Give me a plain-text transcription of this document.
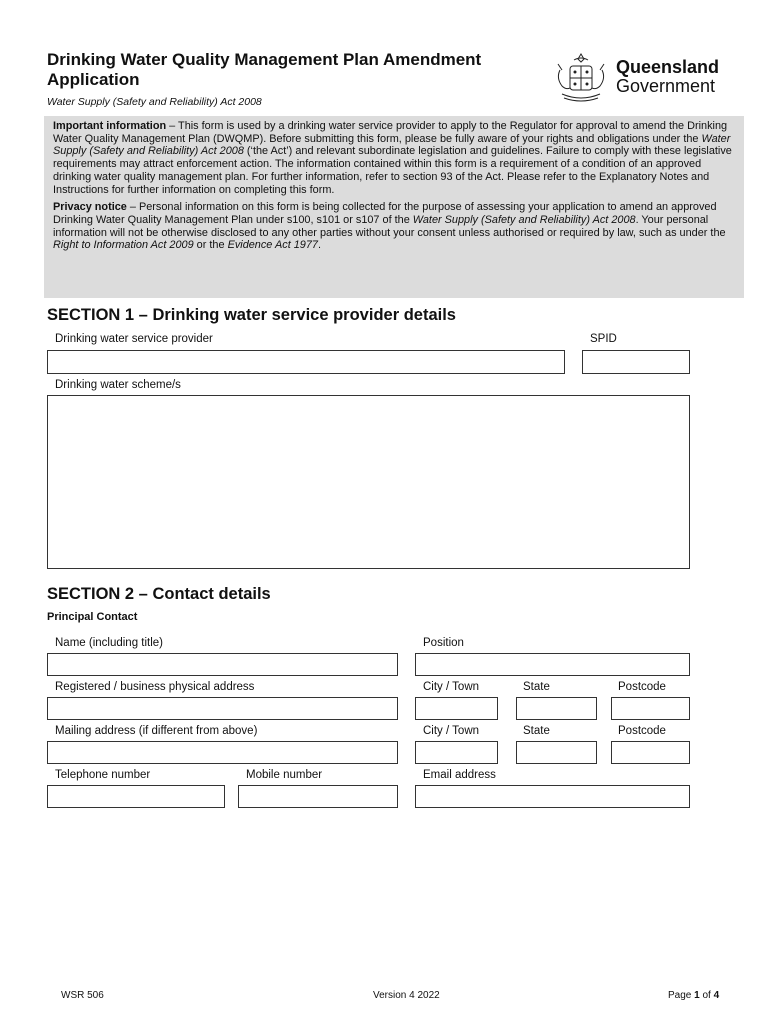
Drinking Water Quality Management Plan Amendment Application
Water Supply (Safety and Reliability) Act 2008
Queensland
Government

Important information – This form is used by a drinking water service provider to apply to the Regulator for approval to amend the Drinking Water Quality Management Plan (DWQMP). Before submitting this form, please be fully aware of your rights and obligations under the Water Supply (Safety and Reliability) Act 2008 (‘the Act’) and relevant subordinate legislation and guidelines. Failure to comply with these legislative requirements may attract enforcement action. The information contained within this form is a requirement of a condition of an approved drinking water quality management plan. For further information, refer to section 93 of the Act. Please refer to the Explanatory Notes and Instructions for further information on completing this form.

Privacy notice – Personal information on this form is being collected for the purpose of assessing your application to amend an approved Drinking Water Quality Management Plan under s100, s101 or s107 of the Water Supply (Safety and Reliability) Act 2008. Your personal information will not be otherwise disclosed to any other parties without your consent unless authorised or required by law, such as under the Right to Information Act 2009 or the Evidence Act 1977.

SECTION 1 – Drinking water service provider details
Drinking water service provider	SPID
Drinking water scheme/s
SECTION 2 – Contact details
Principal Contact
Name (including title)	Position
Registered / business physical address	City / Town	State	Postcode
Mailing address (if different from above)	City / Town	State	Postcode
Telephone number	Mobile number	Email address
WSR 506	Version 4 2022	Page 1 of 4
